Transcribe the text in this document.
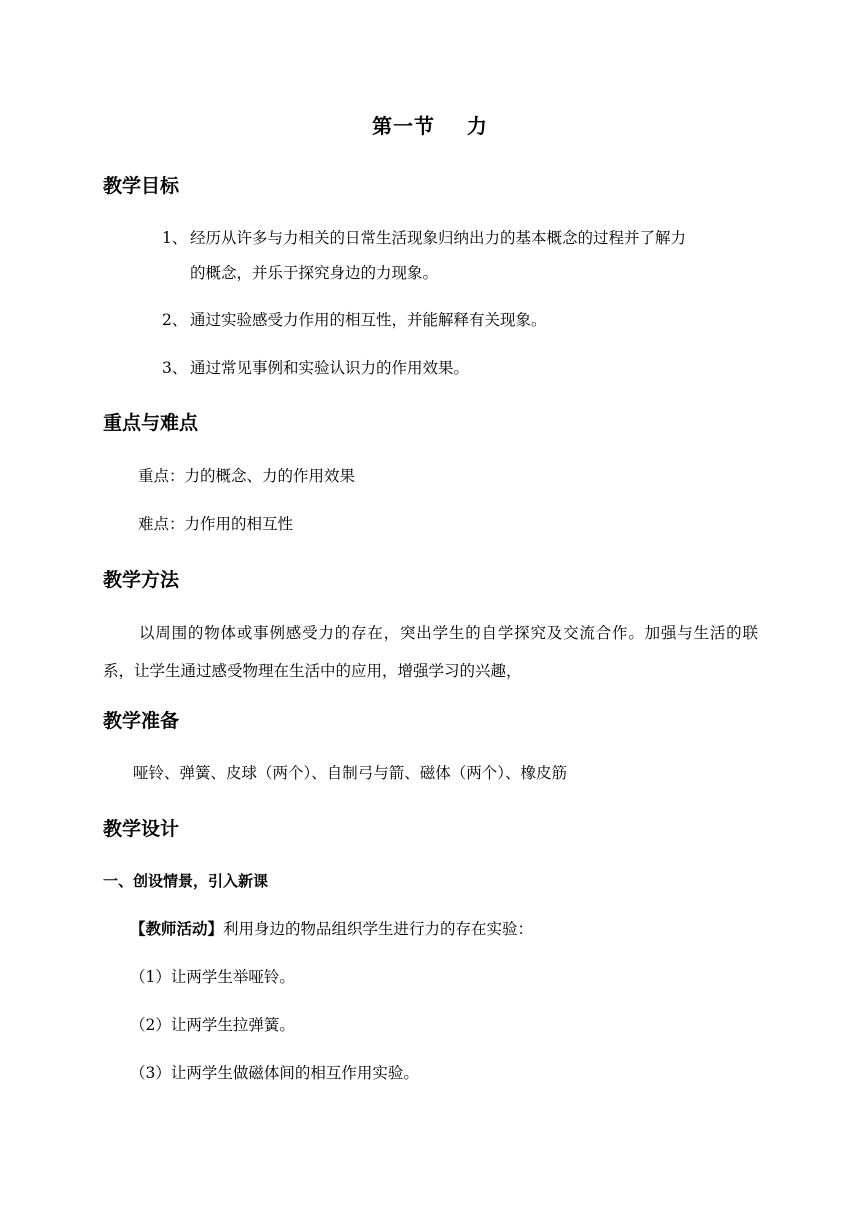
第一节    力
教学目标
1、 经历从许多与力相关的日常生活现象归纳出力的基本概念的过程并了解力
的概念，并乐于探究身边的力现象。
2、 通过实验感受力作用的相互性，并能解释有关现象。
3、 通过常见事例和实验认识力的作用效果。
重点与难点
重点：力的概念、力的作用效果
难点：力作用的相互性
教学方法
以周围的物体或事例感受力的存在，突出学生的自学探究及交流合作。加强与生活的联系，让学生通过感受物理在生活中的应用，增强学习的兴趣，
教学准备
哑铃、弹簧、皮球（两个）、自制弓与箭、磁体（两个）、橡皮筋
教学设计
一、创设情景，引入新课
【教师活动】利用身边的物品组织学生进行力的存在实验：
（1）让两学生举哑铃。
（2）让两学生拉弹簧。
（3）让两学生做磁体间的相互作用实验。
